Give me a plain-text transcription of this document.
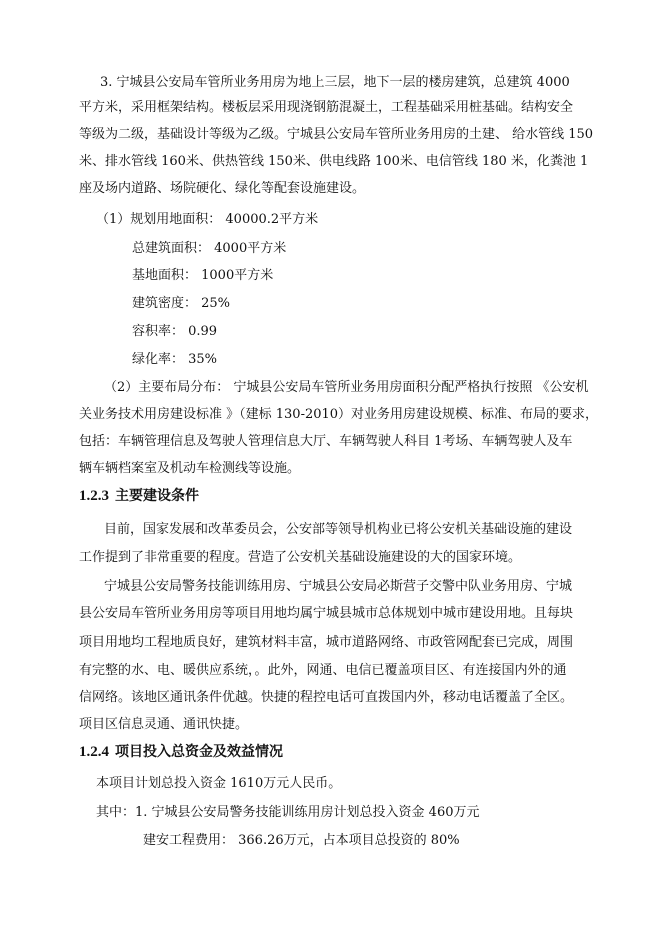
3. 宁城县公安局车管所业务用房为地上三层，地下一层的楼房建筑，总建筑 4000
平方米，采用框架结构。楼板层采用现浇钢筋混凝土，工程基础采用桩基础。结构安全
等级为二级，基础设计等级为乙级。宁城县公安局车管所业务用房的土建、 给水管线 150
米、排水管线 160米、供热管线 150米、供电线路 100米、电信管线 180 米，化粪池 1
座及场内道路、场院硬化、绿化等配套设施建设。
（1）规划用地面积： 40000.2平方米
总建筑面积： 4000平方米
基地面积： 1000平方米
建筑密度： 25%
容积率： 0.99
绿化率： 35%
（2）主要布局分布： 宁城县公安局车管所业务用房面积分配严格执行按照 《公安机
关业务技术用房建设标准 》（建标 130-2010）对业务用房建设规模、标准、布局的要求，
包括：车辆管理信息及驾驶人管理信息大厅、车辆驾驶人科目 1考场、车辆驾驶人及车
辆车辆档案室及机动车检测线等设施。
1.2.3 主要建设条件
目前，国家发展和改革委员会，公安部等领导机构业已将公安机关基础设施的建设
工作提到了非常重要的程度。营造了公安机关基础设施建设的大的国家环境。
宁城县公安局警务技能训练用房、宁城县公安局必斯营子交警中队业务用房、宁城
县公安局车管所业务用房等项目用地均属宁城县城市总体规划中城市建设用地。且每块
项目用地均工程地质良好，建筑材料丰富，城市道路网络、市政管网配套已完成，周围
有完整的水、电、暖供应系统，。此外，网通、电信已覆盖项目区、有连接国内外的通
信网络。该地区通讯条件优越。快捷的程控电话可直拨国内外，移动电话覆盖了全区。
项目区信息灵通、通讯快捷。
1.2.4 项目投入总资金及效益情况
本项目计划总投入资金 1610万元人民币。
其中：1. 宁城县公安局警务技能训练用房计划总投入资金 460万元
建安工程费用： 366.26万元，占本项目总投资的 80%
